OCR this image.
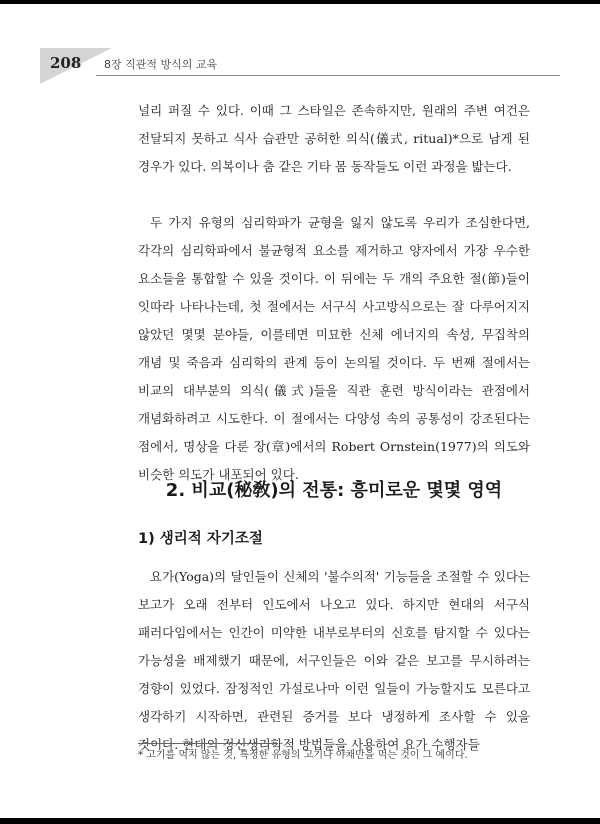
208 8장 직관적 방식의 교육

널리 퍼질 수 있다. 이때 그 스타일은 존속하지만, 원래의 주변 여건은 전달되지 못하고 식사 습관만 공허한 의식(儀式, ritual)*으로 남게 된 경우가 있다. 의복이나 춤 같은 기타 몸 동작들도 이런 과정을 밟는다.

두 가지 유형의 심리학파가 균형을 잃지 않도록 우리가 조심한다면, 각각의 심리학파에서 불균형적 요소를 제거하고 양자에서 가장 우수한 요소들을 통합할 수 있을 것이다. 이 뒤에는 두 개의 주요한 절(節)들이 잇따라 나타나는데, 첫 절에서는 서구식 사고방식으로는 잘 다루어지지 않았던 몇몇 분야들, 이를테면 미묘한 신체 에너지의 속성, 무집착의 개념 및 죽음과 심리학의 관계 등이 논의될 것이다. 두 번째 절에서는 비교의 대부분의 의식(儀式)들을 직관 훈련 방식이라는 관점에서 개념화하려고 시도한다. 이 절에서는 다양성 속의 공통성이 강조된다는 점에서, 명상을 다룬 장(章)에서의 Robert Ornstein(1977)의 의도와 비슷한 의도가 내포되어 있다.

2. 비교(秘敎)의 전통: 흥미로운 몇몇 영역
1) 생리적 자기조절

요가(Yoga)의 달인들이 신체의 '불수의적' 기능들을 조절할 수 있다는 보고가 오래 전부터 인도에서 나오고 있다. 하지만 현대의 서구식 패러다임에서는 인간이 미약한 내부로부터의 신호를 탐지할 수 있다는 가능성을 배제했기 때문에, 서구인들은 이와 같은 보고를 무시하려는 경향이 있었다. 잠정적인 가설로나마 이런 일들이 가능할지도 모른다고 생각하기 시작하면, 관련된 증거를 보다 냉정하게 조사할 수 있을 것이다. 현대의 정신생리학적 방법들을 사용하여 요가 수행자들

* 고기를 먹지 않는 것, 특정한 유형의 고기나 야채만을 먹는 것이 그 예이다.
